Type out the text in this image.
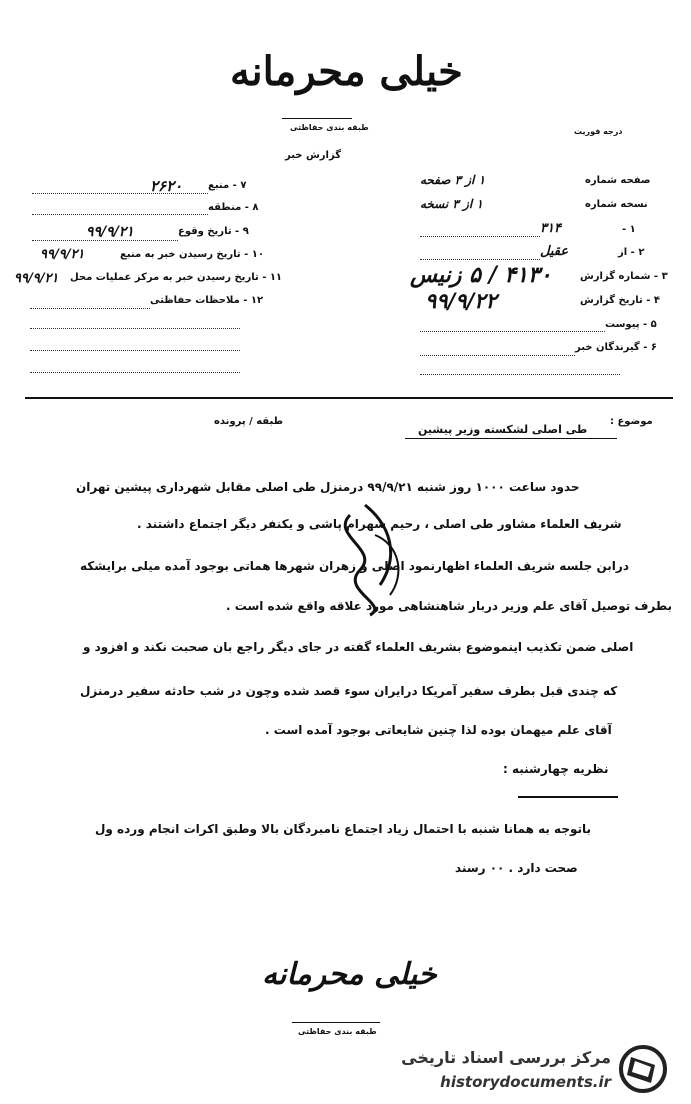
خیلی محرمانه
طبقه بندی حفاظتی
گزارش خبر
درجه فوریت
۷ - منبع
۲۶۲۰
۸ - منطقه
۹ - تاریخ وقوع
۹۹/۹/۲۱
۱۰ - تاریخ رسیدن خبر به منبع
۹۹/۹/۲۱
۱۱ - تاریخ رسیدن خبر به مرکز عملیات محل
۹۹/۹/۲۱
۱۲ - ملاحظات حفاظتی
صفحه شماره
۱ از ۳ صفحه
نسخه شماره
۱ از ۳ نسخه
۱ -
۳۱۴
۲ - از
عقیل
۳ - شماره گزارش
۴۱۳۰ / ۵ زنیس
۴ - تاریخ گزارش
۹۹/۹/۲۲
۵ - پیوست
۶ - گیرندگان خبر
موضوع :
طی اصلی لشکسته وزیر پیشین
طبقه / پرونده
حدود ساعت ۱۰۰۰ روز شنبه ۹۹/۹/۲۱ درمنزل طی اصلی مقابل شهرداری پیشین تهران
شریف العلماء مشاور طی اصلی ، رحیم شهرام پاشی و یکنفر دیگر اجتماع داشتند .
درابن جلسه شریف العلماء اظهارنمود اصلی و زهران شهرها هماتی بوجود آمده میلی برایشکه
بطرف توصیل آقای علم وزیر دربار شاهنشاهی مورد علاقه واقع شده است .
اصلی ضمن تکذیب اینموضوع بشریف العلماء گفته در جای دیگر راجع بان صحبت نکند و افزود و
که چندی قبل بطرف سفیر آمریکا درایران سوء قصد شده وچون در شب حادثه سفیر درمنزل
آقای علم میهمان بوده لذا چنین شایعاتی بوجود آمده است .
نظریه چهارشنبه :
باتوجه به همانا شنبه با احتمال زیاد اجتماع نامبردگان بالا وطبق اکرات انجام ورده ول
صحت دارد . ۰۰ رسند
خیلی محرمانه
طبقه بندی حفاظتی
مرکز بررسی اسناد تاریخی
historydocuments.ir
